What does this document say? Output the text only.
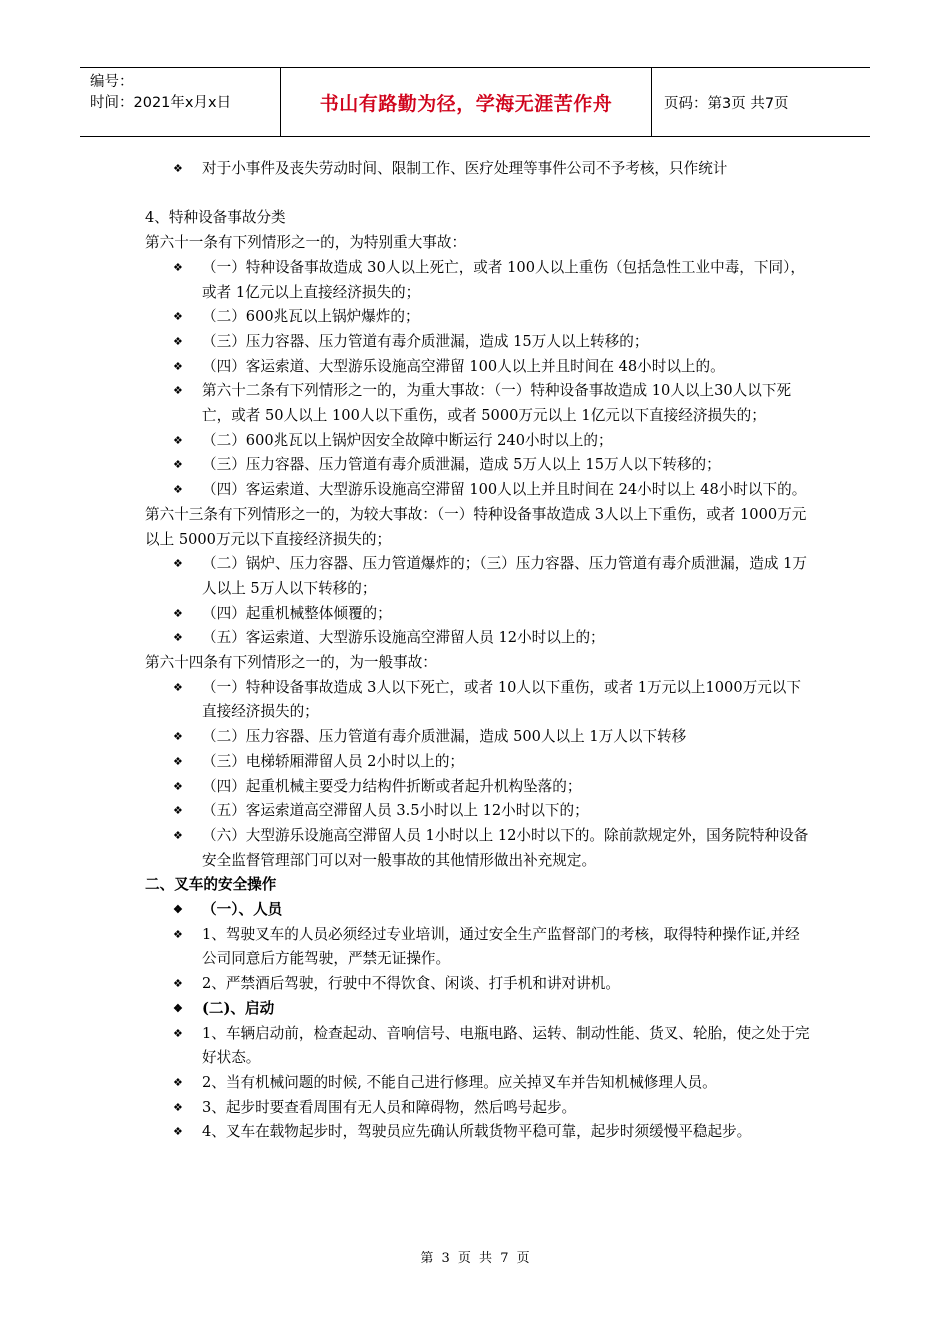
编号：
时间：2021年x月x日	书山有路勤为径，学海无涯苦作舟	页码：第3页 共7页
❖	对于小事件及丧失劳动时间、限制工作、医疗处理等事件公司不予考核，只作统计
4、特种设备事故分类
第六十一条有下列情形之一的，为特别重大事故：
❖	（一）特种设备事故造成 30人以上死亡，或者 100人以上重伤（包括急性工业中毒，下同），或者 1亿元以上直接经济损失的；
❖	（二）600兆瓦以上锅炉爆炸的；
❖	（三）压力容器、压力管道有毒介质泄漏，造成 15万人以上转移的；
❖	（四）客运索道、大型游乐设施高空滞留 100人以上并且时间在 48小时以上的。
❖	第六十二条有下列情形之一的，为重大事故：（一）特种设备事故造成 10人以上30人以下死亡，或者 50人以上 100人以下重伤，或者 5000万元以上 1亿元以下直接经济损失的；
❖	（二）600兆瓦以上锅炉因安全故障中断运行 240小时以上的；
❖	（三）压力容器、压力管道有毒介质泄漏，造成 5万人以上 15万人以下转移的；
❖	（四）客运索道、大型游乐设施高空滞留 100人以上并且时间在 24小时以上 48小时以下的。
第六十三条有下列情形之一的，为较大事故：（一）特种设备事故造成 3人以上下重伤，或者 1000万元以上 5000万元以下直接经济损失的；
❖	（二）锅炉、压力容器、压力管道爆炸的；（三）压力容器、压力管道有毒介质泄漏，造成 1万人以上 5万人以下转移的；
❖	（四）起重机械整体倾覆的；
❖	（五）客运索道、大型游乐设施高空滞留人员 12小时以上的；
第六十四条有下列情形之一的，为一般事故：
❖	（一）特种设备事故造成 3人以下死亡，或者 10人以下重伤，或者 1万元以上1000万元以下直接经济损失的；
❖	（二）压力容器、压力管道有毒介质泄漏，造成 500人以上 1万人以下转移
❖	（三）电梯轿厢滞留人员 2小时以上的；
❖	（四）起重机械主要受力结构件折断或者起升机构坠落的；
❖	（五）客运索道高空滞留人员 3.5小时以上 12小时以下的；
❖	（六）大型游乐设施高空滞留人员 1小时以上 12小时以下的。除前款规定外，国务院特种设备安全监督管理部门可以对一般事故的其他情形做出补充规定。
二、叉车的安全操作
❖	（一）、人员
❖	1、驾驶叉车的人员必须经过专业培训，通过安全生产监督部门的考核，取得特种操作证,并经公司同意后方能驾驶，严禁无证操作。
❖	2、严禁酒后驾驶，行驶中不得饮食、闲谈、打手机和讲对讲机。
❖	(二)、启动
❖	1、车辆启动前，检查起动、音响信号、电瓶电路、运转、制动性能、货叉、轮胎，使之处于完好状态。
❖	2、当有机械问题的时候, 不能自己进行修理。应关掉叉车并告知机械修理人员。
❖	3、起步时要查看周围有无人员和障碍物，然后鸣号起步。
❖	4、叉车在载物起步时，驾驶员应先确认所载货物平稳可靠，起步时须缓慢平稳起步。
第 3 页 共 7 页
